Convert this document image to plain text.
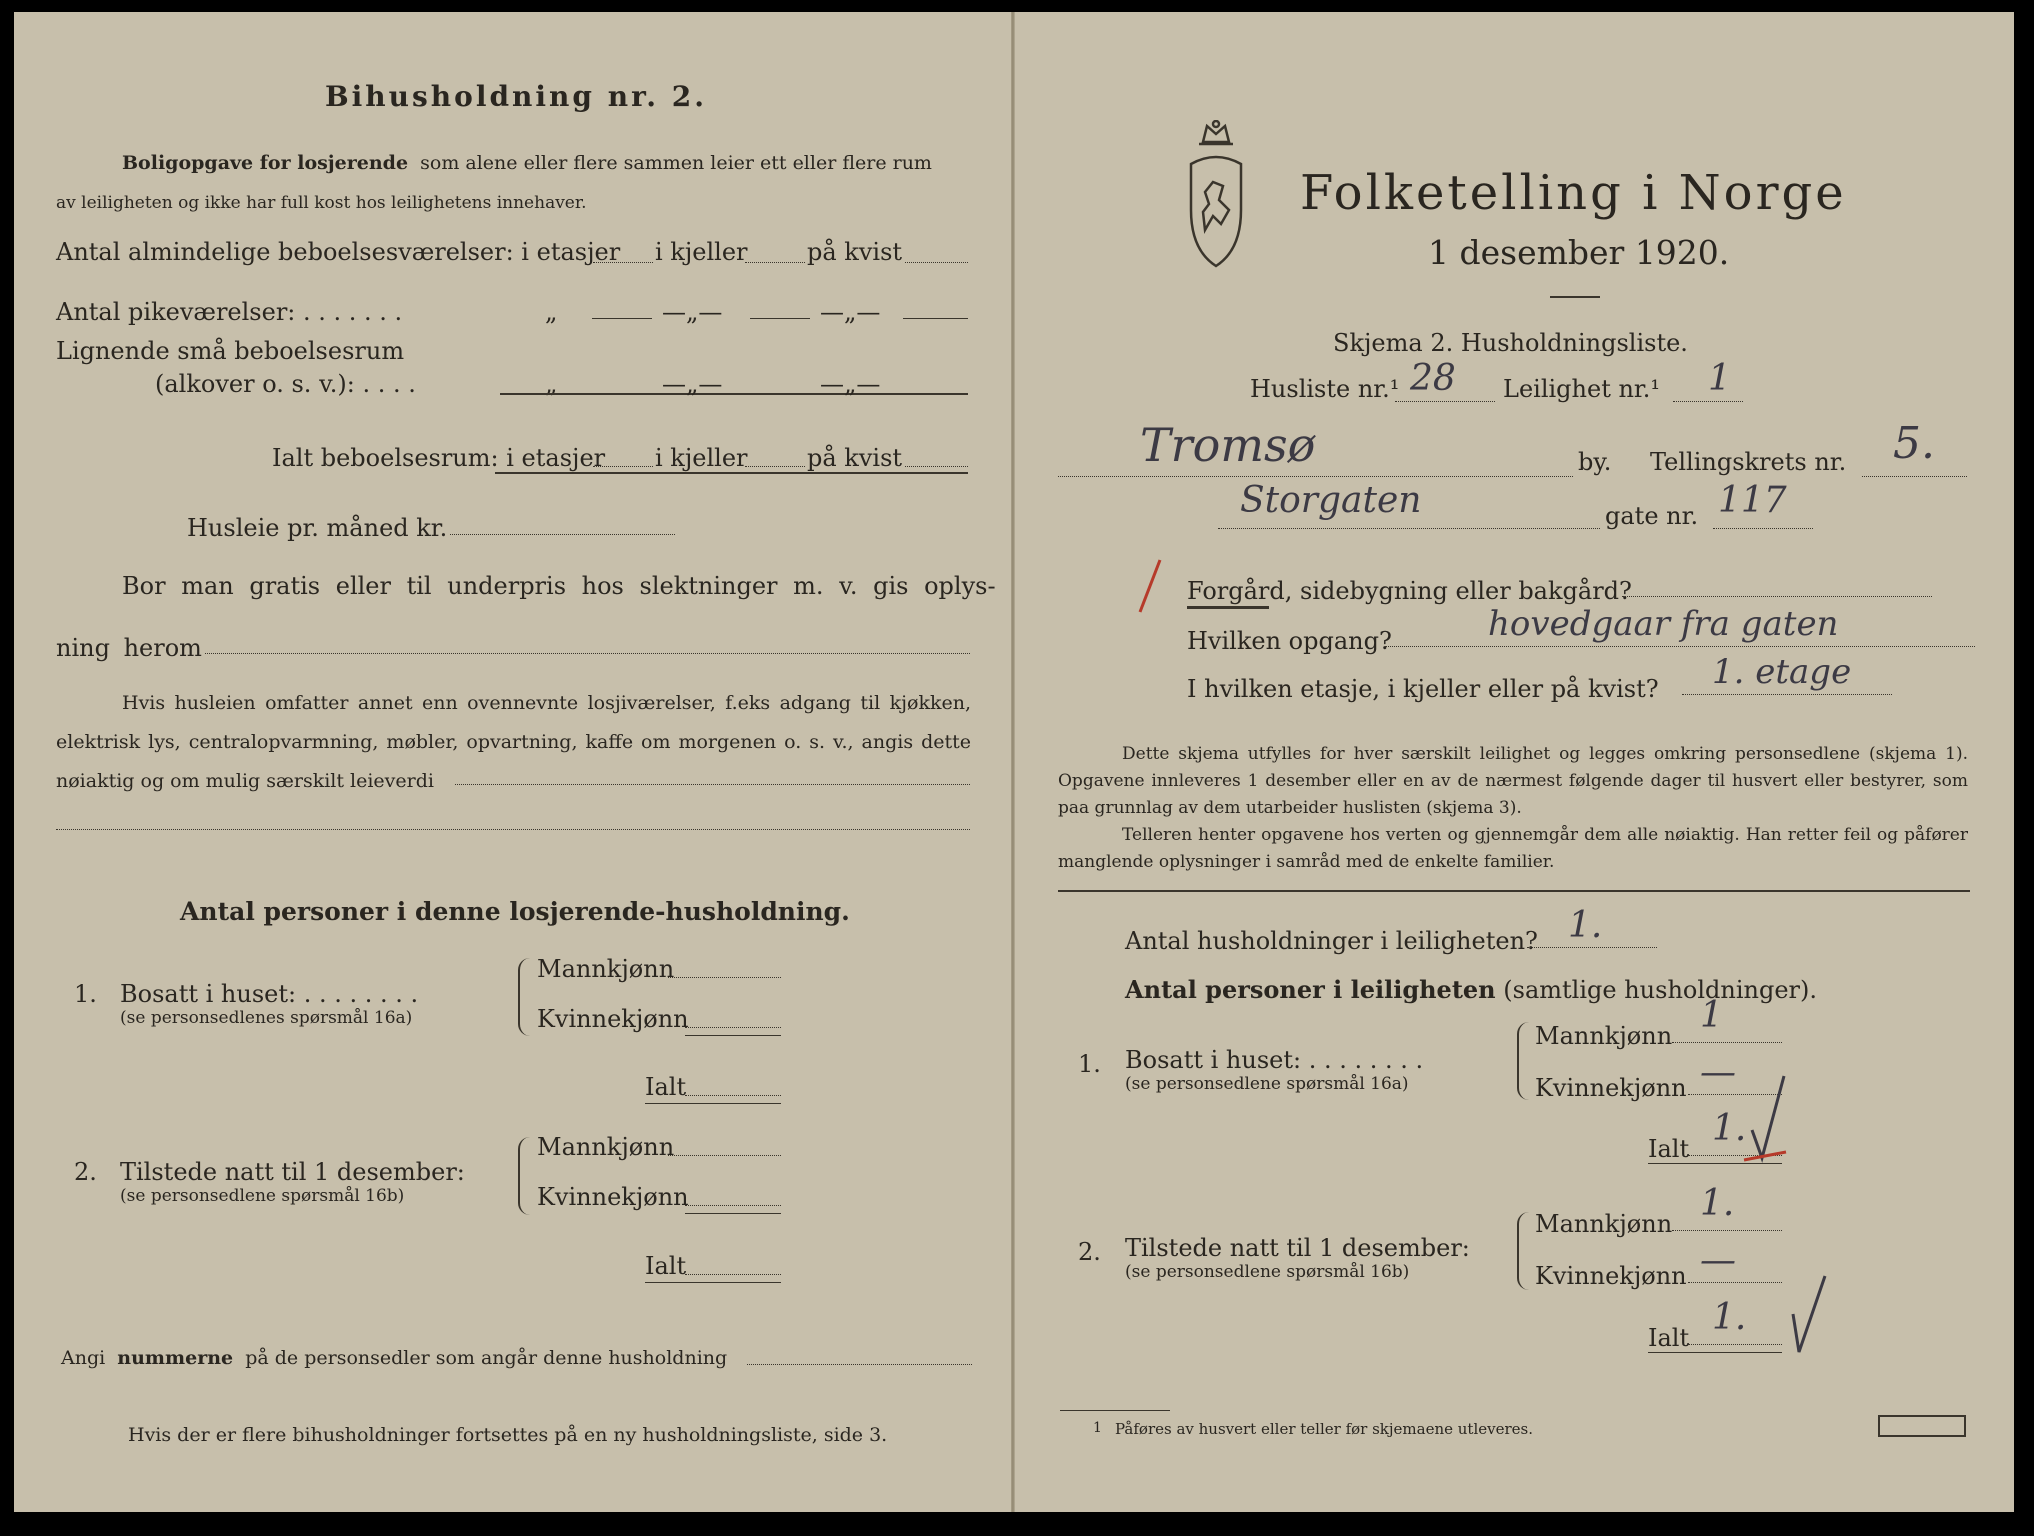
Bihusholdning nr. 2.
Boligopgave for losjerende som alene eller flere sammen leier ett eller flere rum
av leiligheten og ikke har full kost hos leilighetens innehaver.
Antal almindelige beboelsesværelser: i etasjer i kjeller på kvist
Antal pikeværelser: . . . . . . .	„	—„—	—„—
Lignende små beboelsesrum
(alkover o. s. v.): . . . .	„	—„—	—„—
Ialt beboelsesrum: i etasjer i kjeller på kvist
Husleie pr. måned kr.
Bor man gratis eller til underpris hos slektninger m. v. gis oplys-
ning herom

Hvis husleien omfatter annet enn ovennevnte losjiværelser, f.eks adgang til kjøkken, elektrisk lys, centralopvarmning, møbler, opvartning, kaffe om morgenen o. s. v., angis dette nøiaktig og om mulig særskilt leieverdi

Antal personer i denne losjerende-husholdning.
1. Bosatt i huset: . . . . . . . .
(se personsedlenes spørsmål 16a)
Mannkjønn
Kvinnekjønn
Ialt
2. Tilstede natt til 1 desember:
(se personsedlene spørsmål 16b)
Mannkjønn
Kvinnekjønn
Ialt
Angi nummerne på de personsedler som angår denne husholdning
Hvis der er flere bihusholdninger fortsettes på en ny husholdningsliste, side 3.
Folketelling i Norge
1 desember 1920.
Skjema 2. Husholdningsliste.
Husliste nr.¹ 28 Leilighet nr.¹ 1
Tromsø	by. Tellingskrets nr. 5.
Storgaten	gate nr. 117
Forgård, sidebygning eller bakgård?
Hvilken opgang?	hovedgaar fra gaten
I hvilken etasje, i kjeller eller på kvist? 1. etage

Dette skjema utfylles for hver særskilt leilighet og legges omkring personsedlene (skjema 1). Opgavene innleveres 1 desember eller en av de nærmest følgende dager til husvert eller bestyrer, som paa grunnlag av dem utarbeider huslisten (skjema 3).

Telleren henter opgavene hos verten og gjennemgår dem alle nøiaktig. Han retter feil og påfører manglende oplysninger i samråd med de enkelte familier.

Antal husholdninger i leiligheten? 1.
Antal personer i leiligheten (samtlige husholdninger).
1. Bosatt i huset: . . . . . . . .
(se personsedlene spørsmål 16a)
Mannkjønn 1
Kvinnekjønn —
Ialt 1.
2. Tilstede natt til 1 desember:
(se personsedlene spørsmål 16b)
Mannkjønn 1.
Kvinnekjønn —
Ialt 1.
1 Påføres av husvert eller teller før skjemaene utleveres.
